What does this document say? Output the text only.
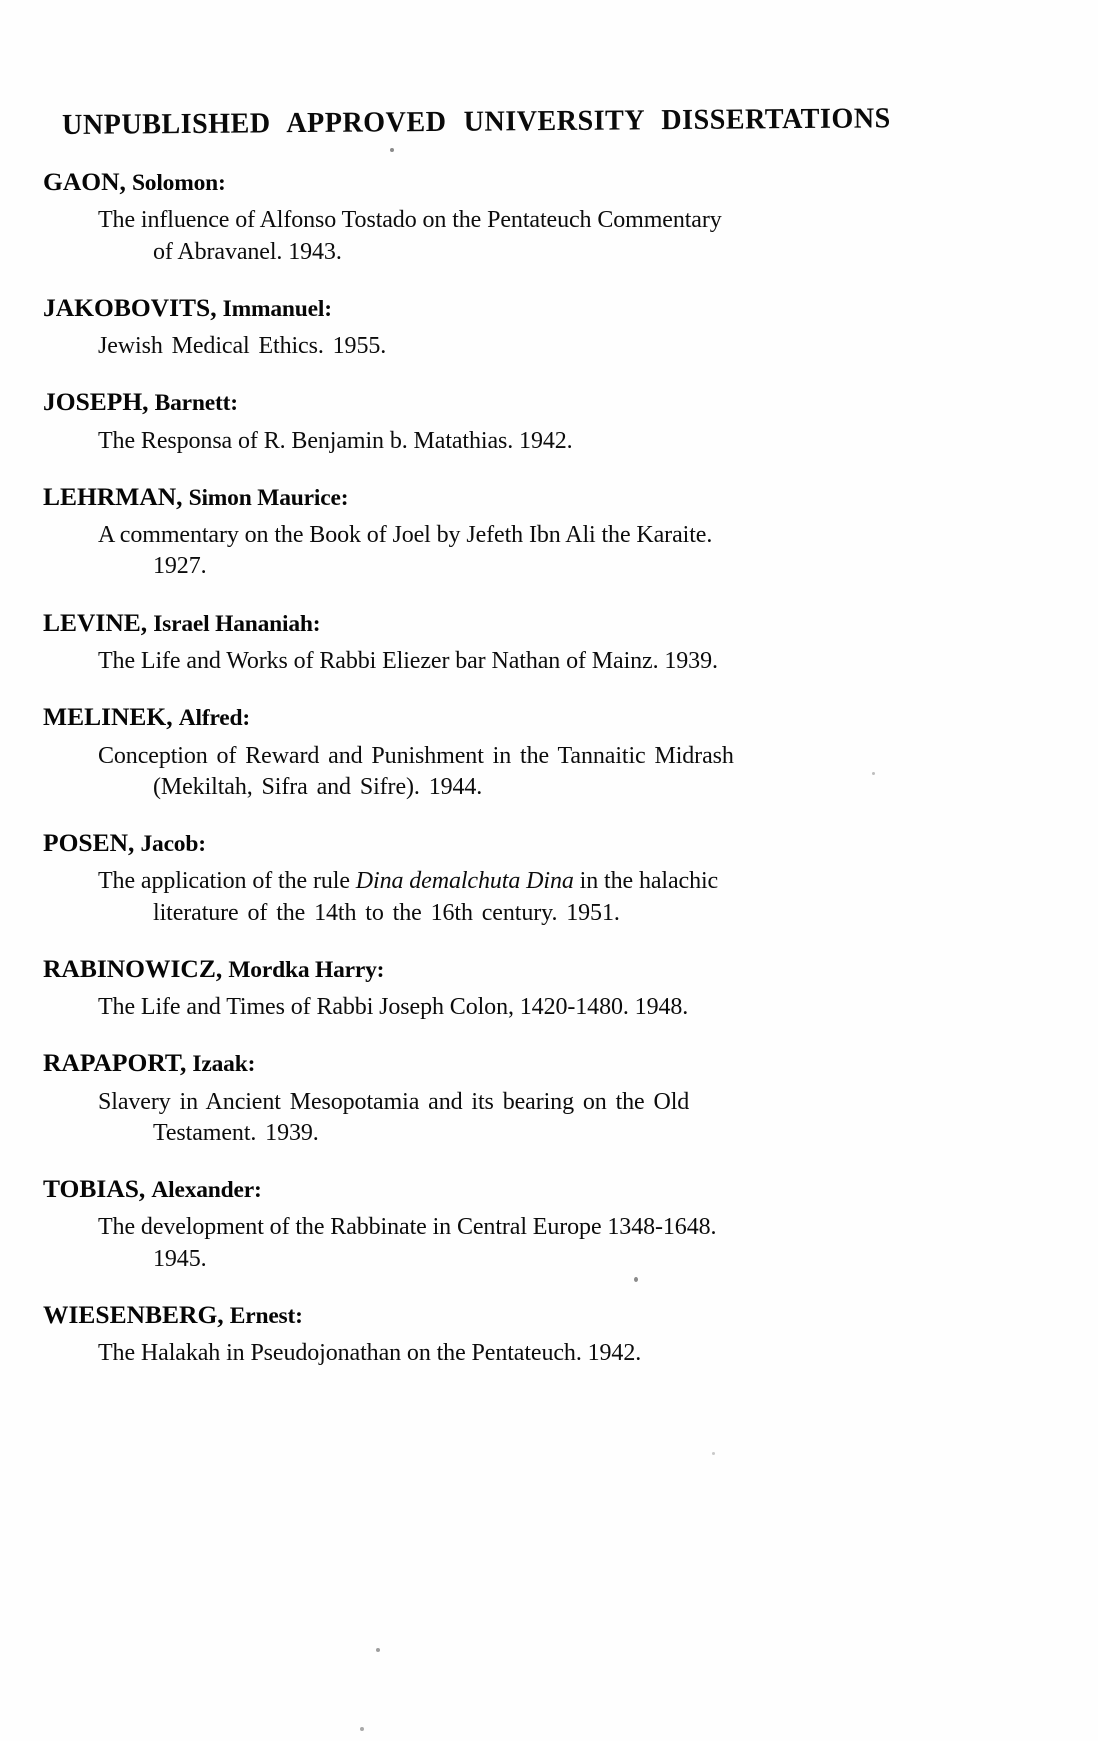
UNPUBLISHED APPROVED UNIVERSITY DISSERTATIONS
GAON, Solomon:
The influence of Alfonso Tostado on the Pentateuch Commentary
of Abravanel. 1943.
JAKOBOVITS, Immanuel:
Jewish Medical Ethics. 1955.
JOSEPH, Barnett:
The Responsa of R. Benjamin b. Matathias. 1942.
LEHRMAN, Simon Maurice:
A commentary on the Book of Joel by Jefeth Ibn Ali the Karaite.
1927.
LEVINE, Israel Hananiah:
The Life and Works of Rabbi Eliezer bar Nathan of Mainz. 1939.
MELINEK, Alfred:
Conception of Reward and Punishment in the Tannaitic Midrash
(Mekiltah, Sifra and Sifre). 1944.
POSEN, Jacob:
The application of the rule Dina demalchuta Dina in the halachic
literature of the 14th to the 16th century. 1951.
RABINOWICZ, Mordka Harry:
The Life and Times of Rabbi Joseph Colon, 1420-1480. 1948.
RAPAPORT, Izaak:
Slavery in Ancient Mesopotamia and its bearing on the Old
Testament. 1939.
TOBIAS, Alexander:
The development of the Rabbinate in Central Europe 1348-1648.
1945.
WIESENBERG, Ernest:
The Halakah in Pseudojonathan on the Pentateuch. 1942.
